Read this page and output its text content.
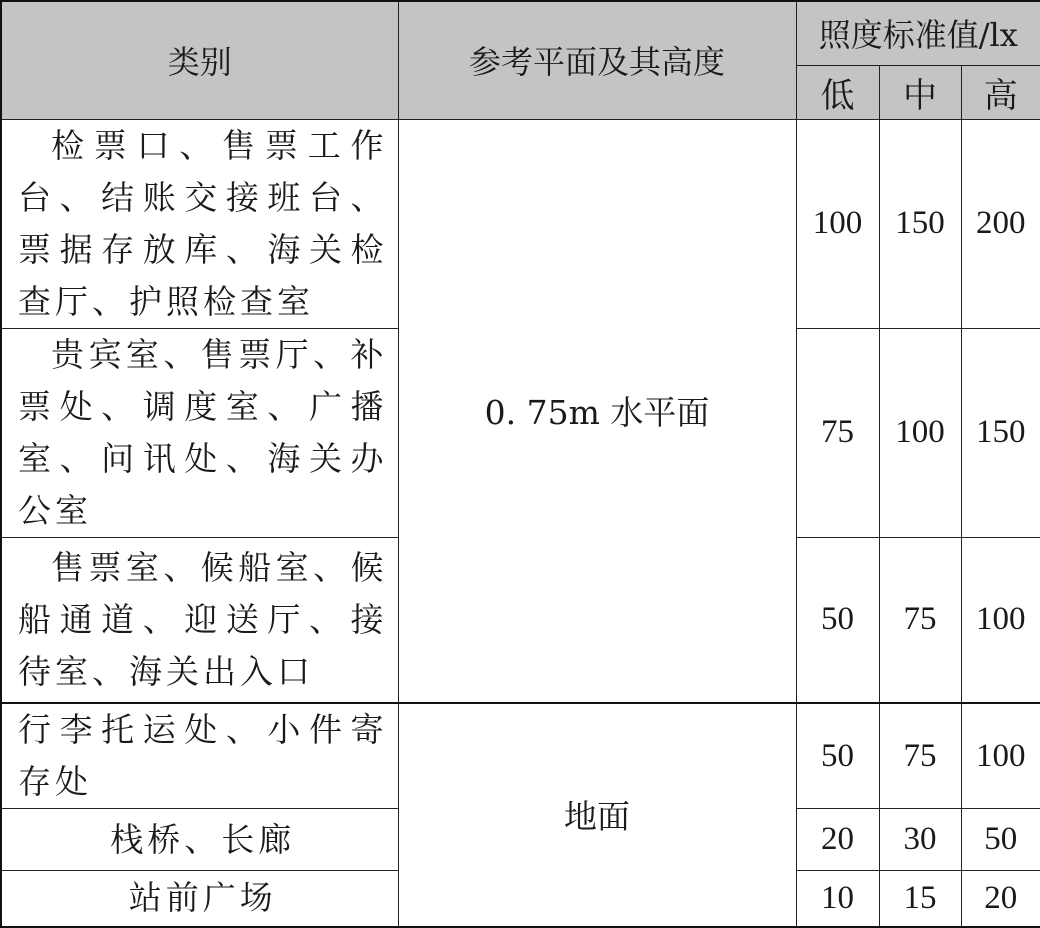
类别	参考平面及其高度	照度标准值/lx		
		低	中	高
检票口、售票工作台、结账交接班台、票据存放库、海关检查厅、护照检查室	0. 75m 水平面	100	150	200
贵宾室、售票厅、补票处、调度室、广播室、问讯处、海关办公室		75	100	150
售票室、候船室、候船通道、迎送厅、接待室、海关出入口		50	75	100
行李托运处、小件寄存处	地面	50	75	100
栈桥、长廊		20	30	50
站前广场		10	15	20
